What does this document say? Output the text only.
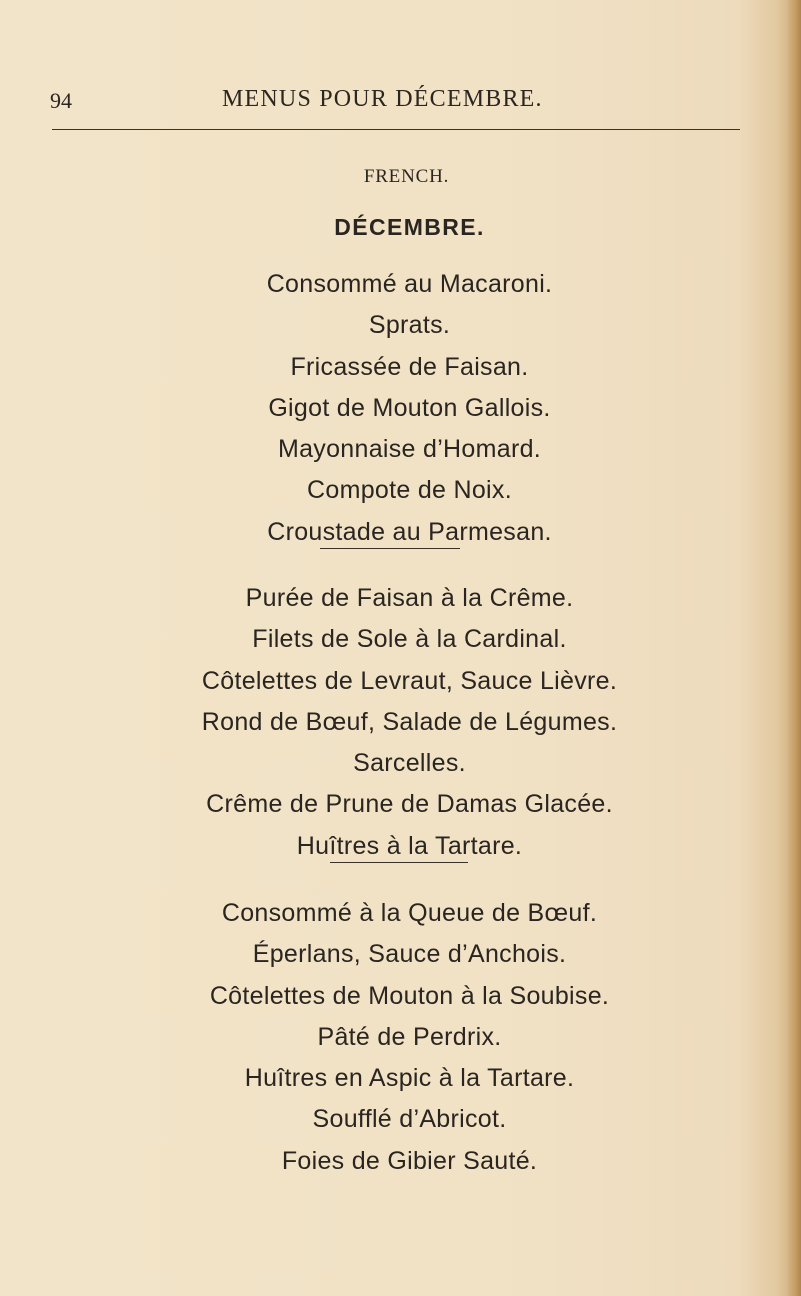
94	MENUS POUR DÉCEMBRE.
FRENCH.
DÉCEMBRE.
Consommé au Macaroni.
Sprats.
Fricassée de Faisan.
Gigot de Mouton Gallois.
Mayonnaise d’Homard.
Compote de Noix.
Croustade au Parmesan.
Purée de Faisan à la Crême.
Filets de Sole à la Cardinal.
Côtelettes de Levraut, Sauce Lièvre.
Rond de Bœuf, Salade de Légumes.
Sarcelles.
Crême de Prune de Damas Glacée.
Huîtres à la Tartare.
Consommé à la Queue de Bœuf.
Éperlans, Sauce d’Anchois.
Côtelettes de Mouton à la Soubise.
Pâté de Perdrix.
Huîtres en Aspic à la Tartare.
Soufflé d’Abricot.
Foies de Gibier Sauté.
